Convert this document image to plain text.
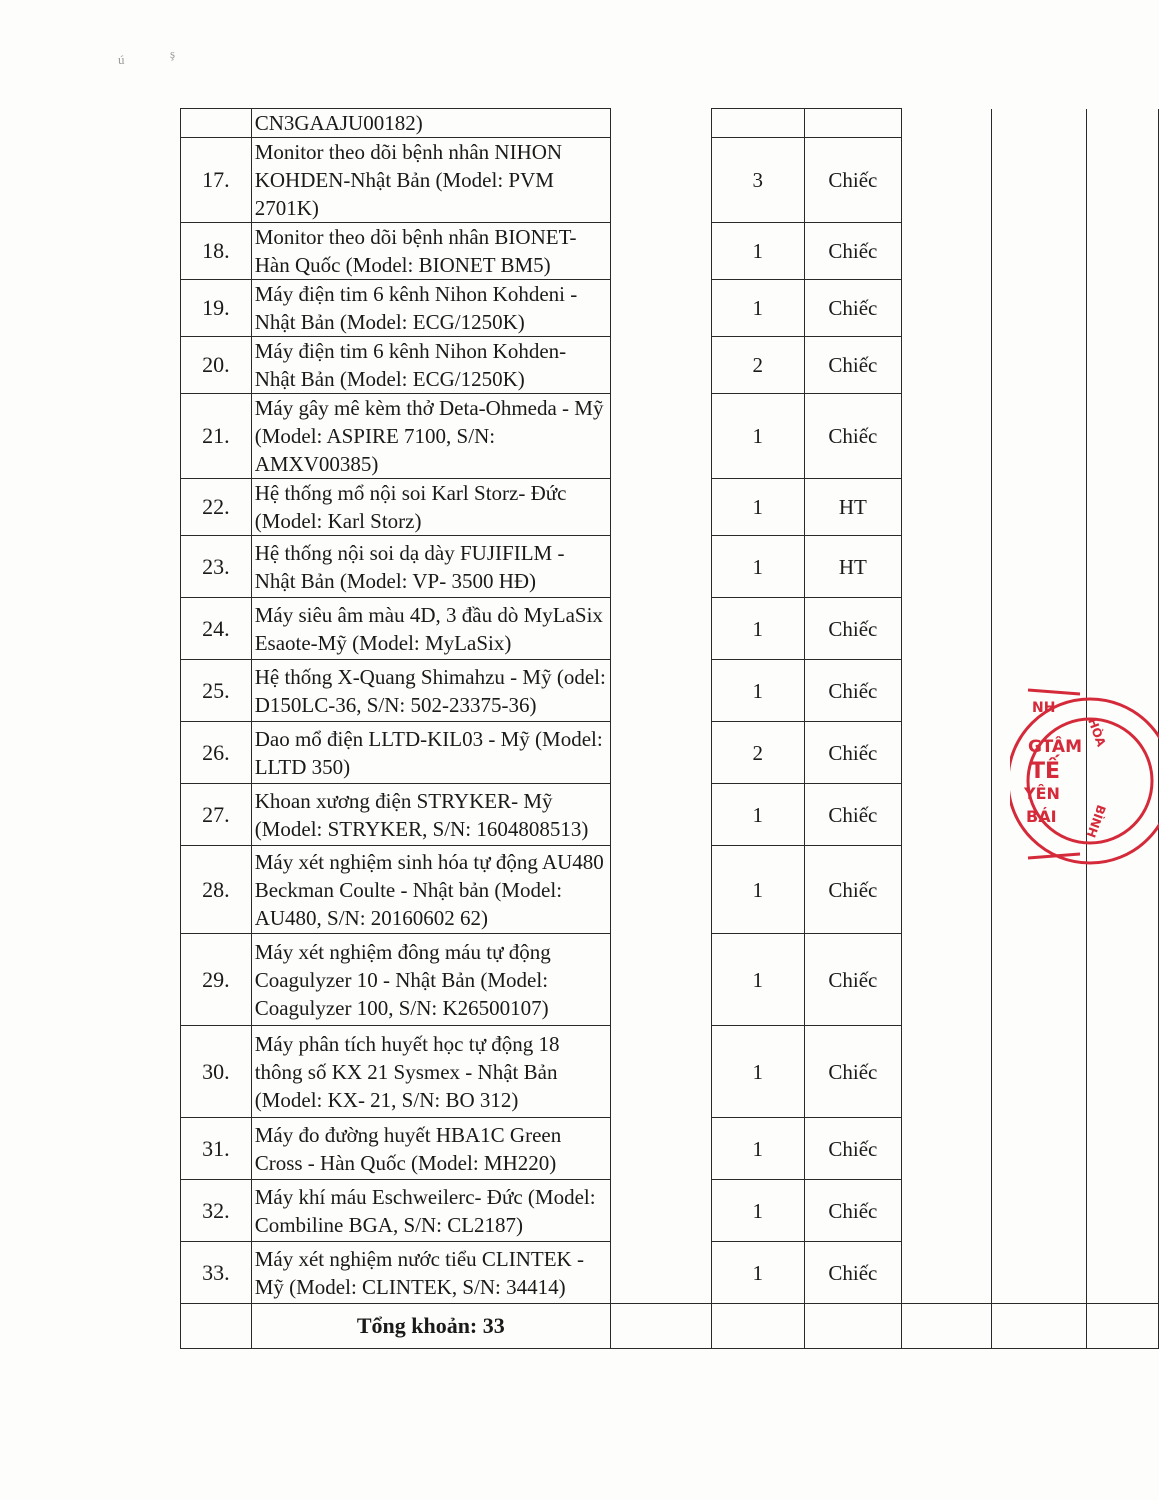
ú	ş
	CN3GAAJU00182)						
17.	Monitor theo dõi bệnh nhân NIHON KOHDEN-Nhật Bản (Model: PVM 2701K)		3	Chiếc			
18.	Monitor theo dõi bệnh nhân BIONET- Hàn Quốc (Model: BIONET BM5)		1	Chiếc			
19.	Máy điện tim 6 kênh Nihon Kohdeni - Nhật Bản (Model: ECG/1250K)		1	Chiếc			
20.	Máy điện tim 6 kênh Nihon Kohden- Nhật Bản (Model: ECG/1250K)		2	Chiếc			
21.	Máy gây mê kèm thở Deta-Ohmeda - Mỹ (Model: ASPIRE 7100, S/N: AMXV00385)		1	Chiếc			
22.	Hệ thống mổ nội soi Karl Storz- Đức (Model: Karl Storz)		1	HT			
23.	Hệ thống nội soi dạ dày FUJIFILM - Nhật Bản (Model: VP- 3500 HĐ)		1	HT			
24.	Máy siêu âm màu 4D, 3 đầu dò MyLaSix Esaote-Mỹ (Model: MyLaSix)		1	Chiếc			
25.	Hệ thống X-Quang Shimahzu - Mỹ (odel: D150LC-36, S/N: 502-23375-36)		1	Chiếc			
26.	Dao mổ điện LLTD-KIL03 - Mỹ (Model: LLTD 350)		2	Chiếc			
27.	Khoan xương điện STRYKER- Mỹ (Model: STRYKER, S/N: 1604808513)		1	Chiếc			
28.	Máy xét nghiệm sinh hóa tự động AU480 Beckman Coulte - Nhật bản (Model: AU480, S/N: 20160602 62)		1	Chiếc			
29.	Máy xét nghiệm đông máu tự động Coagulyzer 10 - Nhật Bản (Model: Coagulyzer 100, S/N: K26500107)		1	Chiếc			
30.	Máy phân tích huyết học tự động 18 thông số KX 21 Sysmex - Nhật Bản (Model: KX- 21, S/N: BO 312)		1	Chiếc			
31.	Máy đo đường huyết HBA1C Green Cross - Hàn Quốc (Model: MH220)		1	Chiếc			
32.	Máy khí máu Eschweilerc- Đức (Model: Combiline BGA, S/N: CL2187)		1	Chiếc			
33.	Máy xét nghiệm nước tiểu CLINTEK - Mỹ (Model: CLINTEK, S/N: 34414)		1	Chiếc			
	Tổng khoản: 33						
NH
GTÂM
TẾ
YÊN
BÁI
HÒA
BÌNH
